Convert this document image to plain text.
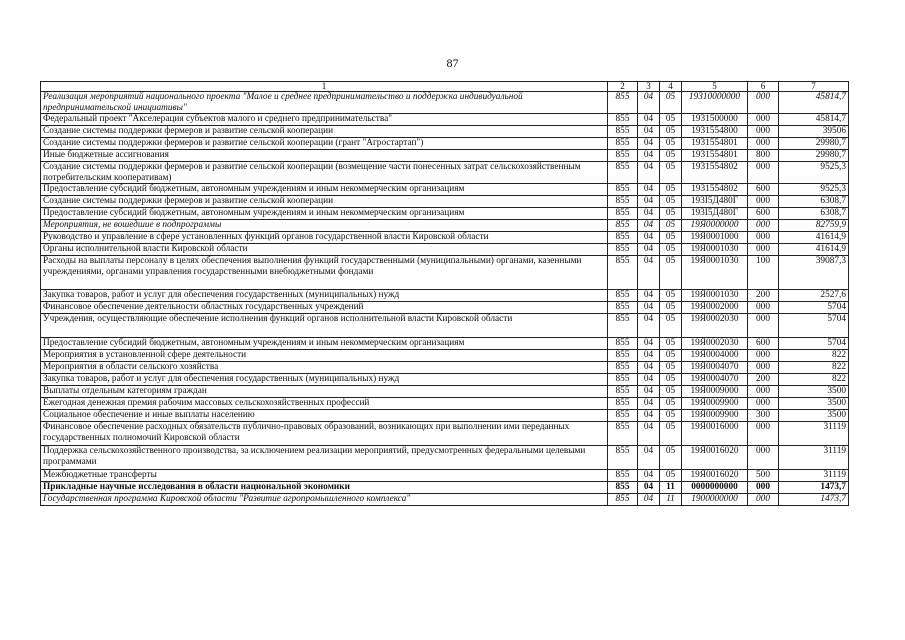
87
1	2	3	4	5	6	7
Реализация мероприятий национального проекта "Малое и среднее предпринимательство и поддержка индивидуальной предпринимательской инициативы"	855	04	05	19310000000	000	45814,7
Федеральный проект "Акселерация субъектов малого и среднего предпринимательства"	855	04	05	1931500000	000	45814,7
Создание системы поддержки фермеров и развитие сельской кооперации	855	04	05	1931554800	000	39506
Создание системы поддержки фермеров и развитие сельской кооперации (грант "Агростартап")	855	04	05	1931554801	000	29980,7
Иные бюджетные ассигнования	855	04	05	1931554801	800	29980,7
Создание системы поддержки фермеров и развитие сельской кооперации (возмещение части понесенных затрат сельскохозяйственным потребительским кооперативам)	855	04	05	1931554802	000	9525,3
Предоставление субсидий бюджетным, автономным учреждениям и иным некоммерческим организациям	855	04	05	1931554802	600	9525,3
Создание системы поддержки фермеров и развитие сельской кооперации	855	04	05	193I5Д480Г	000	6308,7
Предоставление субсидий бюджетным, автономным учреждениям и иным некоммерческим организациям	855	04	05	193I5Д480Г	600	6308,7
Мероприятия, не вошедшие в подпрограммы	855	04	05	19Я0000000	000	82759,9
Руководство и управление в сфере установленных функций органов государственной власти Кировской области	855	04	05	19Я0001000	000	41614,9
Органы исполнительной власти Кировской области	855	04	05	19Я0001030	000	41614,9
Расходы на выплаты персоналу в целях обеспечения выполнения функций государственными (муниципальными) органами, казенными учреждениями, органами управления государственными внебюджетными фондами	855	04	05	19Я0001030	100	39087,3
Закупка товаров, работ и услуг для обеспечения государственных (муниципальных) нужд	855	04	05	19Я0001030	200	2527,6
Финансовое обеспечение деятельности областных государственных учреждений	855	04	05	19Я0002000	000	5704
Учреждения, осуществляющие обеспечение исполнения функций органов исполнительной власти Кировской области	855	04	05	19Я0002030	000	5704
Предоставление субсидий бюджетным, автономным учреждениям и иным некоммерческим организациям	855	04	05	19Я0002030	600	5704
Мероприятия в установленной сфере деятельности	855	04	05	19Я0004000	000	822
Мероприятия в области сельского хозяйства	855	04	05	19Я0004070	000	822
Закупка товаров, работ и услуг для обеспечения государственных (муниципальных) нужд	855	04	05	19Я0004070	200	822
Выплаты отдельным категориям граждан	855	04	05	19Я0009000	000	3500
Ежегодная денежная премия рабочим массовых сельскохозяйственных профессий	855	04	05	19Я0009900	000	3500
Социальное обеспечение и иные выплаты населению	855	04	05	19Я0009900	300	3500
Финансовое обеспечение расходных обязательств публично-правовых образований, возникающих при выполнении ими переданных государственных полномочий Кировской области	855	04	05	19Я0016000	000	31119
Поддержка сельскохозяйственного производства, за исключением реализации мероприятий, предусмотренных федеральными целевыми программами	855	04	05	19Я0016020	000	31119
Межбюджетные трансферты	855	04	05	19Я0016020	500	31119
Прикладные научные исследования в области национальной экономики	855	04	11	0000000000	000	1473,7
Государственная программа Кировской области "Развитие агропромышленного комплекса"	855	04	11	1900000000	000	1473,7
